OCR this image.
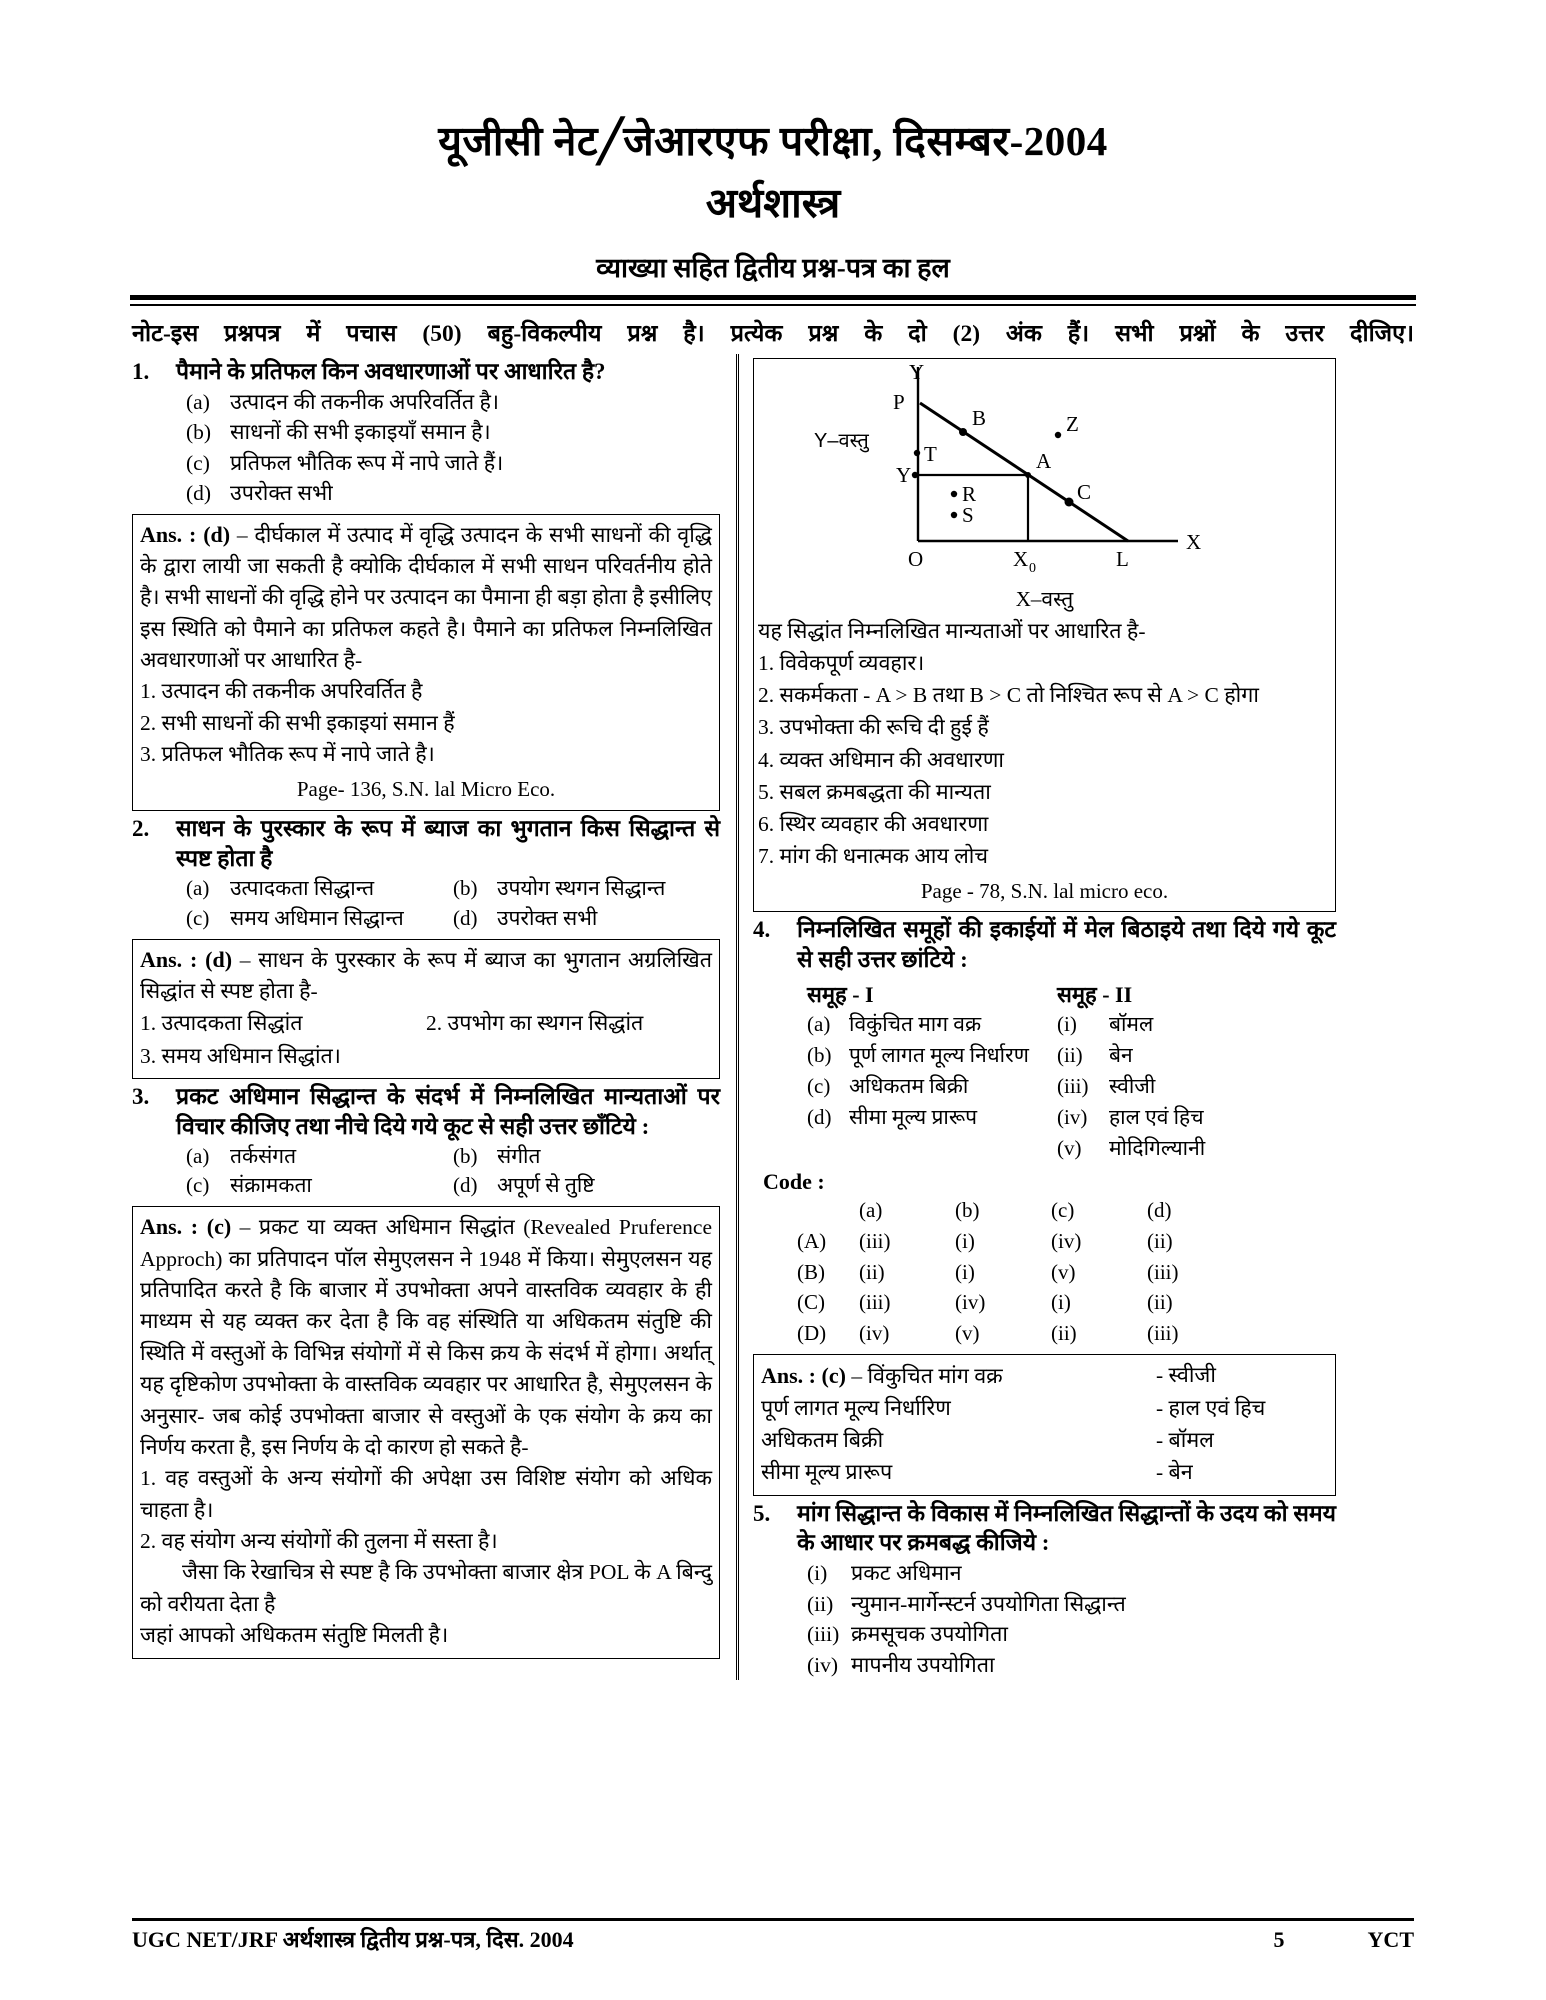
यूजीसी नेट╱जेआरएफ परीक्षा, दिसम्बर-2004
अर्थशास्त्र
व्याख्या सहित द्वितीय प्रश्न-पत्र का हल
नोट-इस प्रश्नपत्र में पचास (50) बहु-विकल्पीय प्रश्न है। प्रत्येक प्रश्न के दो (2) अंक हैं। सभी प्रश्नों के उत्तर दीजिए।
1.	पैमाने के प्रतिफल किन अवधारणाओं पर आधारित है?
(a) उत्पादन की तकनीक अपरिवर्तित है।
(b) साधनों की सभी इकाइयाँ समान है।
(c) प्रतिफल भौतिक रूप में नापे जाते हैं।
(d) उपरोक्त सभी

Ans. : (d) – दीर्घकाल में उत्पाद में वृद्धि उत्पादन के सभी साधनों की वृद्धि के द्वारा लायी जा सकती है क्योकि दीर्घकाल में सभी साधन परिवर्तनीय होते है। सभी साधनों की वृद्धि होने पर उत्पादन का पैमाना ही बड़ा होता है इसीलिए इस स्थिति को पैमाने का प्रतिफल कहते है। पैमाने का प्रतिफल निम्नलिखित अवधारणाओं पर आधारित है-

1. उत्पादन की तकनीक अपरिवर्तित है

2. सभी साधनों की सभी इकाइयां समान हैं

3. प्रतिफल भौतिक रूप में नापे जाते है।

Page- 136, S.N. lal Micro Eco.
2.	साधन के पुरस्कार के रूप में ब्याज का भुगतान किस सिद्धान्त से स्पष्ट होता है
(a) उत्पादकता सिद्धान्त	(b) उपयोग स्थगन सिद्धान्त
(c) समय अधिमान सिद्धान्त (d) उपरोक्त सभी

Ans. : (d) – साधन के पुरस्कार के रूप में ब्याज का भुगतान अग्रलिखित सिद्धांत से स्पष्ट होता है-

1. उत्पादकता सिद्धांत	2. उपभोग का स्थगन सिद्धांत
3. समय अधिमान सिद्धांत।
3.	प्रकट अधिमान सिद्धान्त के संदर्भ में निम्नलिखित मान्यताओं पर विचार कीजिए तथा नीचे दिये गये कूट से सही उत्तर छाँटिये :
(a) तर्कसंगत	(b) संगीत
(c) संक्रामकता	(d) अपूर्ण से तुष्टि

Ans. : (c) – प्रकट या व्यक्त अधिमान सिद्धांत (Revealed Pruference Approch) का प्रतिपादन पॉल सेमुएलसन ने 1948 में किया। सेमुएलसन यह प्रतिपादित करते है कि बाजार में उपभोक्ता अपने वास्तविक व्यवहार के ही माध्यम से यह व्यक्त कर देता है कि वह संस्थिति या अधिकतम संतुष्टि की स्थिति में वस्तुओं के विभिन्न संयोगों में से किस क्रय के संदर्भ में होगा। अर्थात् यह दृष्टिकोण उपभोक्ता के वास्तविक व्यवहार पर आधारित है, सेमुएलसन के अनुसार- जब कोई उपभोक्ता बाजार से वस्तुओं के एक संयोग के क्रय का निर्णय करता है, इस निर्णय के दो कारण हो सकते है-

1. वह वस्तुओं के अन्य संयोगों की अपेक्षा उस विशिष्ट संयोग को अधिक चाहता है।

2. वह संयोग अन्य संयोगों की तुलना में सस्ता है।

जैसा कि रेखाचित्र से स्पष्ट है कि उपभोक्ता बाजार क्षेत्र POL के A बिन्दु को वरीयता देता है

जहां आपको अधिकतम संतुष्टि मिलती है।

Y
P
B	Z
T	A
R
S
C
Y–वस्तु
Y
O	X 0	L
X
X–वस्तु
यह सिद्धांत निम्नलिखित मान्यताओं पर आधारित है-
1. विवेकपूर्ण व्यवहार।
2. सकर्मकता - A > B तथा B > C तो निश्चित रूप से A > C होगा
3. उपभोक्ता की रूचि दी हुई हैं
4. व्यक्त अधिमान की अवधारणा
5. सबल क्रमबद्धता की मान्यता
6. स्थिर व्यवहार की अवधारणा
7. मांग की धनात्मक आय लोच
Page - 78, S.N. lal micro eco.
4.	निम्नलिखित समूहों की इकाईयों में मेल बिठाइये तथा दिये गये कूट से सही उत्तर छांटिये :
समूह - I	समूह - II
(a) विकुंचित माग वक्र	(i)	बॉमल
(b) पूर्ण लागत मूल्य निर्धारण	(ii)	बेन
(c) अधिकतम बिक्री	(iii) स्वीजी
(d) सीमा मूल्य प्रारूप	(iv)	हाल एवं हिच
(v)	मोदिगिल्यानी
Code :
(a)	(b)	(c)	(d)
(A)	(iii)	(i)	(iv)	(ii)
(B)	(ii)	(i)	(v)	(iii)
(C)	(iii)	(iv)	(i)	(ii)
(D)	(iv)	(v)	(ii)	(iii)
Ans. : (c) – विंकुचित मांग वक्र	- स्वीजी
पूर्ण लागत मूल्य निर्धारिण	- हाल एवं हिच
अधिकतम बिक्री	- बॉमल
सीमा मूल्य प्रारूप	- बेन
5.	मांग सिद्धान्त के विकास में निम्नलिखित सिद्धान्तों के उदय को समय के आधार पर क्रमबद्ध कीजिये :
(i)	प्रकट अधिमान
(ii) न्युमान-मार्गेन्स्टर्न उपयोगिता सिद्धान्त
(iii) क्रमसूचक उपयोगिता
(iv) मापनीय उपयोगिता
UGC NET/JRF अर्थशास्त्र द्वितीय प्रश्न-पत्र, दिस. 2004	5	YCT
